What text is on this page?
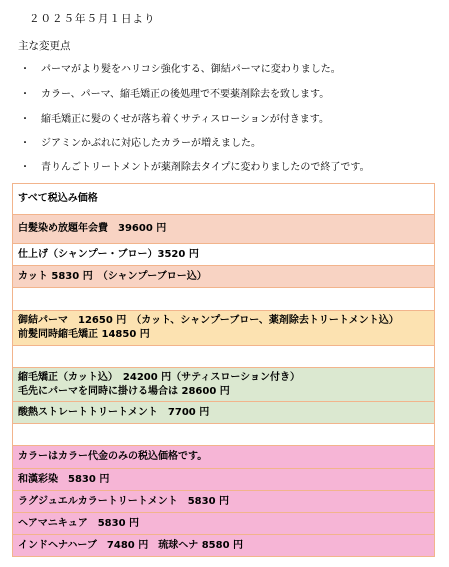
２０２５年５月１日より
主な変更点
・ パーマがより髪をハリコシ強化する、御結パーマに変わりました。
・ カラー、パーマ、縮毛矯正の後処理で不要薬剤除去を致します。
・ 縮毛矯正に髪のくせが落ち着くサティスローションが付きます。
・ ジアミンかぶれに対応したカラーが増えました。
・ 青りんごトリートメントが薬剤除去タイプに変わりましたので終了です。
すべて税込み価格
白髪染め放題年会費　39600 円
仕上げ（シャンプー・ブロー）3520 円
カット 5830 円　（シャンプーブロー込）
御結パーマ　12650 円　（カット、シャンプーブロー、薬剤除去トリートメント込）
前髪同時縮毛矯正 14850 円
縮毛矯正（カット込）　24200 円（サティスローション付き）
毛先にパーマを同時に掛ける場合は 28600 円
酸熱ストレートトリートメント　7700 円
カラーはカラー代金のみの税込価格です。
和漢彩染　5830 円
ラグジュエルカラートリートメント　5830 円
ヘアマニキュア　5830 円
インドヘナハーブ　7480 円　琉球ヘナ 8580 円
